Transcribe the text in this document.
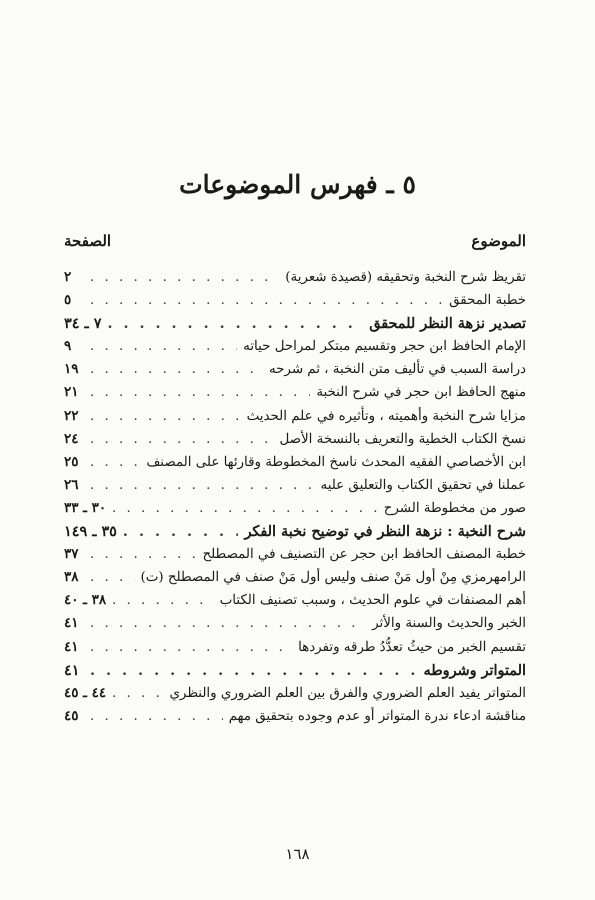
٥ ـ فهرس الموضوعات
الموضوع
الصفحة
تقريظ شرح النخبة وتحقيقه (قصيدة شعرية)
. . .
٢
خطبة المحقق
. . .
٥
تصدير نزهة النظر للمحقق
. . .
٧ ـ ٣٤
الإمام الحافظ ابن حجر وتقسيم مبتكر لمراحل حياته
. . .
٩
دراسة السبب في تأليف متن النخبة ، ثم شرحه
. . .
١٩
منهج الحافظ ابن حجر في شرح النخبة
. . .
٢١
مزايا شرح النخبة وأهميته ، وتأثيره في علم الحديث
. . .
٢٢
نسخ الكتاب الخطية والتعريف بالنسخة الأصل
. . .
٢٤
ابن الأخصاصي الفقيه المحدث ناسخ المخطوطة وقارئها على المصنف
. . .
٢٥
عملنا في تحقيق الكتاب والتعليق عليه
. . .
٢٦
صور من مخطوطة الشرح
. . .
٣٠ ـ ٣٣
شرح النخبة : نزهة النظر في توضيح نخبة الفكر
. . .
٣٥ ـ ١٤٩
خطبة المصنف الحافظ ابن حجر عن التصنيف في المصطلح
. . .
٣٧
الرامهرمزي مِنْ أول مَنْ صنف وليس أول مَنْ صنف في المصطلح (ت)
. . .
٣٨
أهم المصنفات في علوم الحديث ، وسبب تصنيف الكتاب
. . .
٣٨ ـ ٤٠
الخبر والحديث والسنة والأثر
. . .
٤١
تقسيم الخبر من حيثُ تعدُّدُ طرقه وتفردها
. . .
٤١
المتواتر وشروطه
. . .
٤١
المتواتر يفيد العلم الضروري والفرق بين العلم الضروري والنظري
. . .
٤٤ ـ ٤٥
مناقشة ادعاء ندرة المتواتر أو عدم وجوده بتحقيق مهم
. . .
٤٥
١٦٨
